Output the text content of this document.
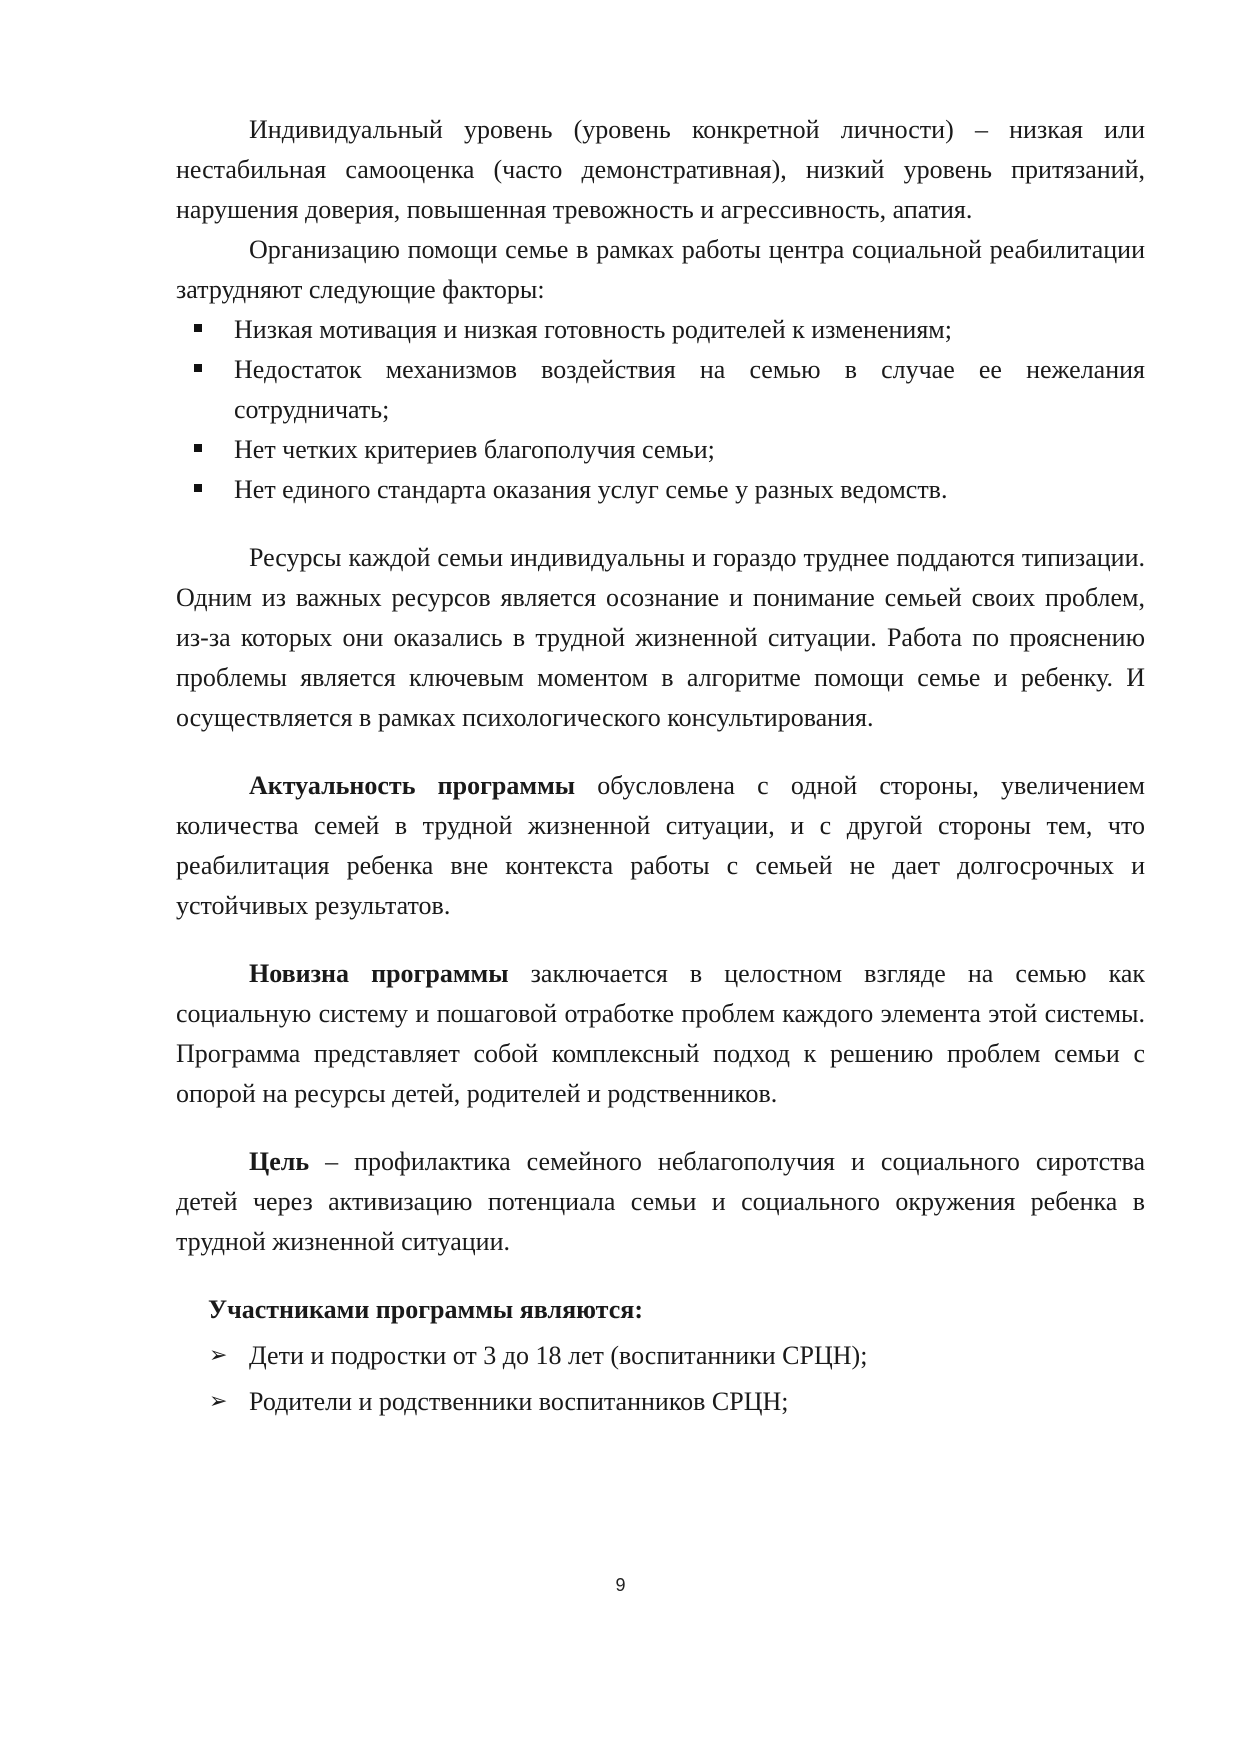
Индивидуальный уровень (уровень конкретной личности) – низкая или нестабильная самооценка (часто демонстративная), низкий уровень притязаний, нарушения доверия, повышенная тревожность и агрессивность, апатия.

Организацию помощи семье в рамках работы центра социальной реабилитации затрудняют следующие факторы:

Низкая мотивация и низкая готовность родителей к изменениям;
Недостаток механизмов воздействия на семью в случае ее нежелания сотрудничать;
Нет четких критериев благополучия семьи;
Нет единого стандарта оказания услуг семье у разных ведомств.

Ресурсы каждой семьи индивидуальны и гораздо труднее поддаются типизации. Одним из важных ресурсов является осознание и понимание семьей своих проблем, из-за которых они оказались в трудной жизненной ситуации. Работа по прояснению проблемы является ключевым моментом в алгоритме помощи семье и ребенку. И осуществляется в рамках психологического консультирования.

Актуальность программы обусловлена с одной стороны, увеличением количества семей в трудной жизненной ситуации, и с другой стороны тем, что реабилитация ребенка вне контекста работы с семьей не дает долгосрочных и устойчивых результатов.

Новизна программы заключается в целостном взгляде на семью как социальную систему и пошаговой отработке проблем каждого элемента этой системы. Программа представляет собой комплексный подход к решению проблем семьи с опорой на ресурсы детей, родителей и родственников.

Цель – профилактика семейного неблагополучия и социального сиротства детей через активизацию потенциала семьи и социального окружения ребенка в трудной жизненной ситуации.

Участниками программы являются:

➢ Дети и подростки от 3 до 18 лет (воспитанники СРЦН);
➢ Родители и родственники воспитанников СРЦН;
9
